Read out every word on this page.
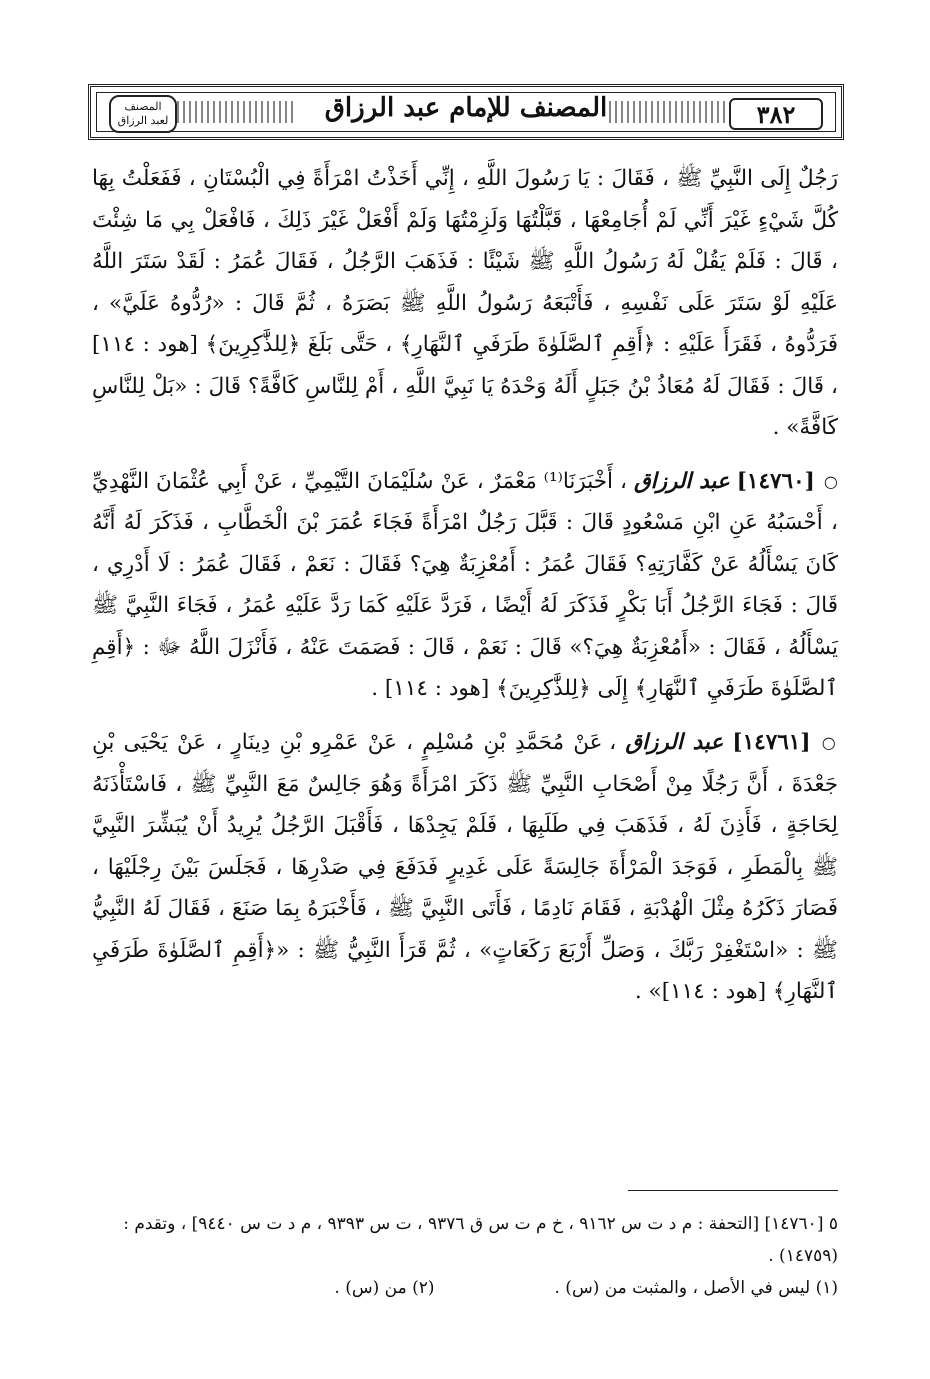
٣٨٢
المصنف للإمام عبد الرزاق
المصنف
لعبد الرزاق

رَجُلٌ إِلَى النَّبِيِّ ﷺ ، فَقَالَ : يَا رَسُولَ اللَّهِ ، إِنِّي أَخَذْتُ امْرَأَةً فِي الْبُسْتَانِ ، فَفَعَلْتُ بِهَا كُلَّ شَيْءٍ غَيْرَ أَنِّي لَمْ أُجَامِعْهَا ، قَبَّلْتُهَا وَلَزِمْتُهَا وَلَمْ أَفْعَلْ غَيْرَ ذَلِكَ ، فَافْعَلْ بِي مَا شِئْتَ ، قَالَ : فَلَمْ يَقُلْ لَهُ رَسُولُ اللَّهِ ﷺ شَيْئًا : فَذَهَبَ الرَّجُلُ ، فَقَالَ عُمَرُ : لَقَدْ سَتَرَ اللَّهُ عَلَيْهِ لَوْ سَتَرَ عَلَى نَفْسِهِ ، فَأَتْبَعَهُ رَسُولُ اللَّهِ ﷺ بَصَرَهُ ، ثُمَّ قَالَ : «رُدُّوهُ عَلَيَّ» ، فَرَدُّوهُ ، فَقَرَأَ عَلَيْهِ : ﴿أَقِمِ ٱلصَّلَوٰةَ طَرَفَيِ ٱلنَّهَارِ﴾ ، حَتَّى بَلَغَ ﴿لِلذَّٰكِرِينَ﴾ [هود : ١١٤] ، قَالَ : فَقَالَ لَهُ مُعَاذُ بْنُ جَبَلٍ أَلَهُ وَحْدَهُ يَا نَبِيَّ اللَّهِ ، أَمْ لِلنَّاسِ كَافَّةً؟ قَالَ : «بَلْ لِلنَّاسِ كَافَّةً» .

○ [١٤٧٦٠] عبد الرزاق ، أَخْبَرَنَا⁽¹⁾ مَعْمَرٌ ، عَنْ سُلَيْمَانَ التَّيْمِيِّ ، عَنْ أَبِي عُثْمَانَ النَّهْدِيِّ ، أَحْسَبُهُ عَنِ ابْنِ مَسْعُودٍ قَالَ : قَبَّلَ رَجُلٌ امْرَأَةً فَجَاءَ عُمَرَ بْنَ الْخَطَّابِ ، فَذَكَرَ لَهُ أَنَّهُ كَانَ يَسْأَلُهُ عَنْ كَفَّارَتِهِ؟ فَقَالَ عُمَرُ : أَمُعْزِبَةٌ هِيَ؟ فَقَالَ : نَعَمْ ، فَقَالَ عُمَرُ : لَا أَدْرِي ، قَالَ : فَجَاءَ الرَّجُلُ أَبَا بَكْرٍ فَذَكَرَ لَهُ أَيْضًا ، فَرَدَّ عَلَيْهِ كَمَا رَدَّ عَلَيْهِ عُمَرُ ، فَجَاءَ النَّبِيَّ ﷺ يَسْأَلُهُ ، فَقَالَ : «أَمُعْزِبَةٌ هِيَ؟» قَالَ : نَعَمْ ، قَالَ : فَصَمَتَ عَنْهُ ، فَأَنْزَلَ اللَّهُ ﷻ : ﴿أَقِمِ ٱلصَّلَوٰةَ طَرَفَيِ ٱلنَّهَارِ﴾ إِلَى ﴿لِلذَّٰكِرِينَ﴾ [هود : ١١٤] .

○ [١٤٧٦١] عبد الرزاق ، عَنْ مُحَمَّدِ بْنِ مُسْلِمٍ ، عَنْ عَمْرِو بْنِ دِينَارٍ ، عَنْ يَحْيَى بْنِ جَعْدَةَ ، أَنَّ رَجُلًا مِنْ أَصْحَابِ النَّبِيِّ ﷺ ذَكَرَ امْرَأَةً وَهُوَ جَالِسٌ مَعَ النَّبِيِّ ﷺ ، فَاسْتَأْذَنَهُ لِحَاجَةٍ ، فَأَذِنَ لَهُ ، فَذَهَبَ فِي طَلَبِهَا ، فَلَمْ يَجِدْهَا ، فَأَقْبَلَ الرَّجُلُ يُرِيدُ أَنْ يُبَشِّرَ النَّبِيَّ ﷺ بِالْمَطَرِ ، فَوَجَدَ الْمَرْأَةَ جَالِسَةً عَلَى غَدِيرٍ فَدَفَعَ فِي صَدْرِهَا ، فَجَلَسَ بَيْنَ رِجْلَيْهَا ، فَصَارَ ذَكَرُهُ مِثْلَ الْهُدْبَةِ ، فَقَامَ نَادِمًا ، فَأَتَى النَّبِيَّ ﷺ ، فَأَخْبَرَهُ بِمَا صَنَعَ ، فَقَالَ لَهُ النَّبِيُّ ﷺ : «اسْتَغْفِرْ رَبَّكَ ، وَصَلِّ أَرْبَعَ رَكَعَاتٍ» ، ثُمَّ قَرَأَ النَّبِيُّ ﷺ : «﴿أَقِمِ ٱلصَّلَوٰةَ طَرَفَيِ ٱلنَّهَارِ﴾ [هود : ١١٤]» .

٥ [١٤٧٦٠] [التحفة : م د ت س ٩١٦٢ ، خ م ت س ق ٩٣٧٦ ، ت س ٩٣٩٣ ، م د ت س ٩٤٤٠] ، وتقدم : (١٤٧٥٩) .
(١) ليس في الأصل ، والمثبت من (س) .
(٢) من (س) .
